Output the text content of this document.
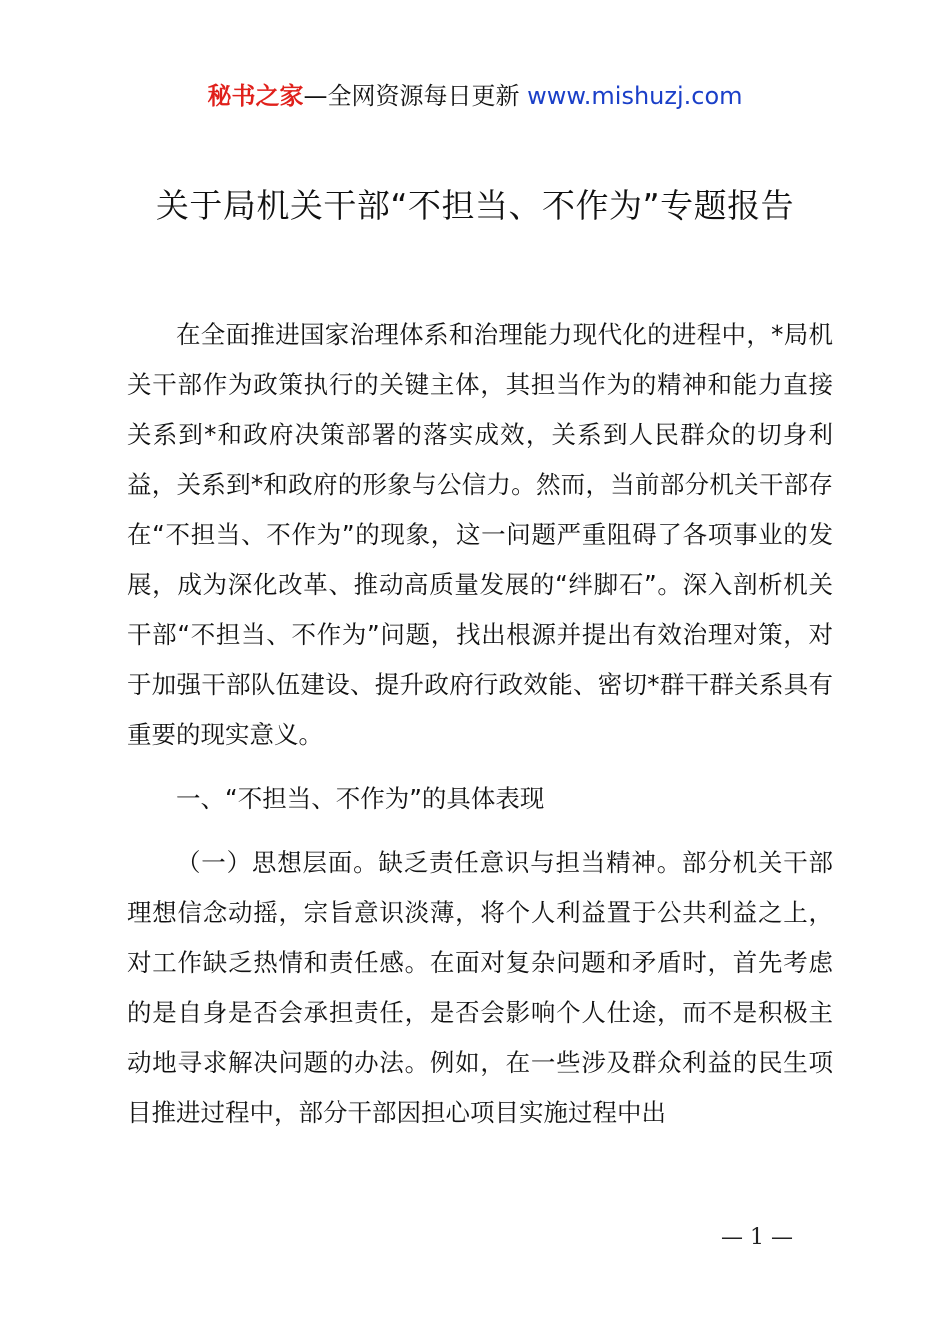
秘书之家—全网资源每日更新 www.mishuzj.com
关于局机关干部“不担当、不作为”专题报告

在全面推进国家治理体系和治理能力现代化的进程中，*局机关干部作为政策执行的关键主体，其担当作为的精神和能力直接关系到*和政府决策部署的落实成效，关系到人民群众的切身利益，关系到*和政府的形象与公信力。然而，当前部分机关干部存在“不担当、不作为”的现象，这一问题严重阻碍了各项事业的发展，成为深化改革、推动高质量发展的“绊脚石”。深入剖析机关干部“不担当、不作为”问题，找出根源并提出有效治理对策，对于加强干部队伍建设、提升政府行政效能、密切*群干群关系具有重要的现实意义。

一、“不担当、不作为”的具体表现

（一）思想层面。缺乏责任意识与担当精神。部分机关干部理想信念动摇，宗旨意识淡薄，将个人利益置于公共利益之上，对工作缺乏热情和责任感。在面对复杂问题和矛盾时，首先考虑的是自身是否会承担责任，是否会影响个人仕途，而不是积极主动地寻求解决问题的办法。例如，在一些涉及群众利益的民生项目推进过程中，部分干部因担心项目实施过程中出

— 1 —
